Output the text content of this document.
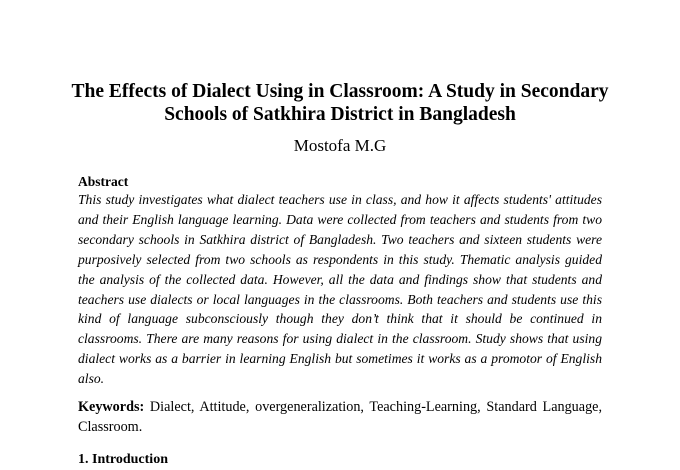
The Effects of Dialect Using in Classroom: A Study in Secondary Schools of Satkhira District in Bangladesh
Mostofa M.G
Abstract

This study investigates what dialect teachers use in class, and how it affects students' attitudes and their English language learning. Data were collected from teachers and students from two secondary schools in Satkhira district of Bangladesh. Two teachers and sixteen students were purposively selected from two schools as respondents in this study. Thematic analysis guided the analysis of the collected data. However, all the data and findings show that students and teachers use dialects or local languages in the classrooms. Both teachers and students use this kind of language subconsciously though they don’t think that it should be continued in classrooms. There are many reasons for using dialect in the classroom. Study shows that using dialect works as a barrier in learning English but sometimes it works as a promotor of English also.

Keywords: Dialect, Attitude, overgeneralization, Teaching-Learning, Standard Language, Classroom.

1. Introduction
